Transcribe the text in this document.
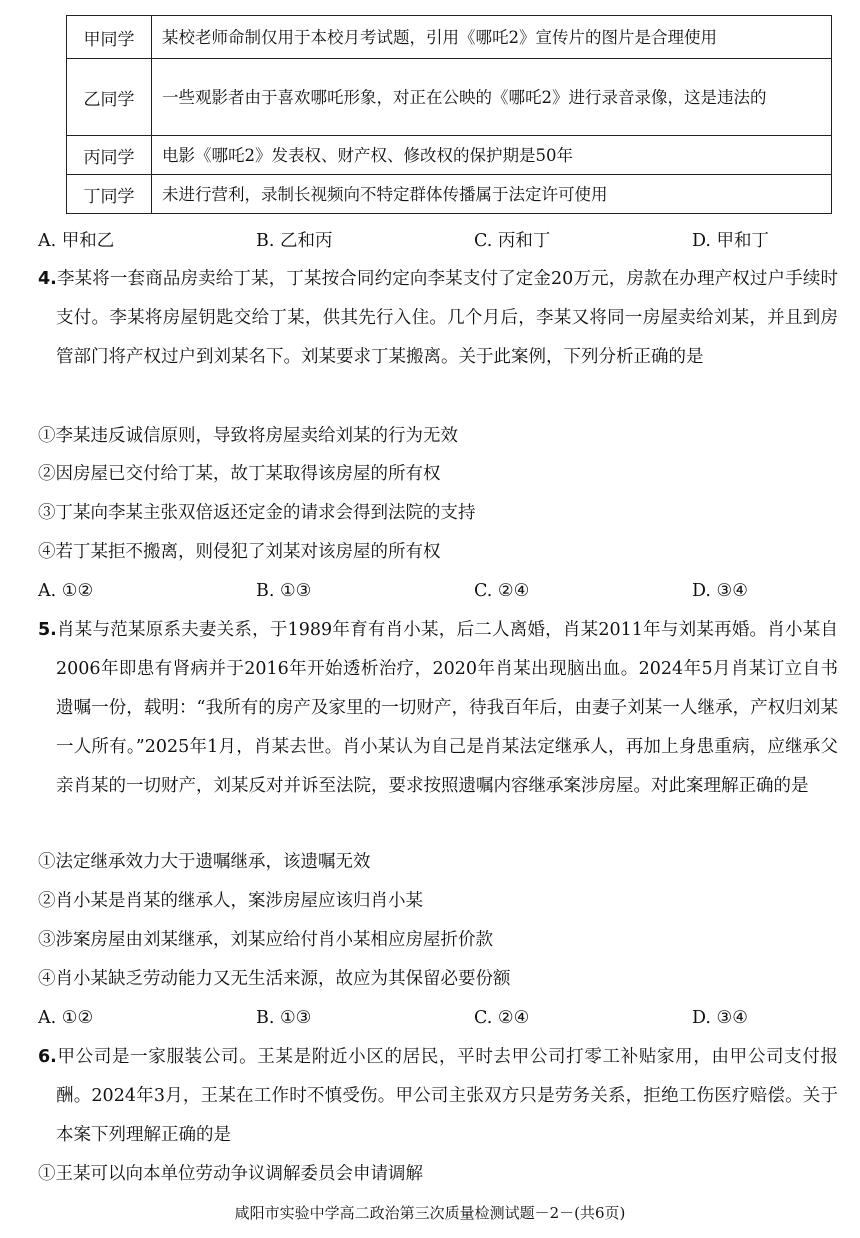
甲同学	某校老师命制仅用于本校月考试题，引用《哪吒2》宣传片的图片是合理使用
乙同学	一些观影者由于喜欢哪吒形象，对正在公映的《哪吒2》进行录音录像，这是违法的
丙同学	电影《哪吒2》发表权、财产权、修改权的保护期是50年
丁同学	未进行营利，录制长视频向不特定群体传播属于法定许可使用
A. 甲和乙	B. 乙和丙	C. 丙和丁	D. 甲和丁
4.李某将一套商品房卖给丁某，丁某按合同约定向李某支付了定金20万元，房款在办理产权过户手续时支付。李某将房屋钥匙交给丁某，供其先行入住。几个月后，李某又将同一房屋卖给刘某，并且到房管部门将产权过户到刘某名下。刘某要求丁某搬离。关于此案例，下列分析正确的是
①李某违反诚信原则，导致将房屋卖给刘某的行为无效
②因房屋已交付给丁某，故丁某取得该房屋的所有权
③丁某向李某主张双倍返还定金的请求会得到法院的支持
④若丁某拒不搬离，则侵犯了刘某对该房屋的所有权
A. ①②	B. ①③	C. ②④	D. ③④
5.肖某与范某原系夫妻关系，于1989年育有肖小某，后二人离婚，肖某2011年与刘某再婚。肖小某自2006年即患有肾病并于2016年开始透析治疗，2020年肖某出现脑出血。2024年5月肖某订立自书遗嘱一份，载明：“我所有的房产及家里的一切财产，待我百年后，由妻子刘某一人继承，产权归刘某一人所有。”2025年1月，肖某去世。肖小某认为自己是肖某法定继承人，再加上身患重病，应继承父亲肖某的一切财产，刘某反对并诉至法院，要求按照遗嘱内容继承案涉房屋。对此案理解正确的是
①法定继承效力大于遗嘱继承，该遗嘱无效
②肖小某是肖某的继承人，案涉房屋应该归肖小某
③涉案房屋由刘某继承，刘某应给付肖小某相应房屋折价款
④肖小某缺乏劳动能力又无生活来源，故应为其保留必要份额
A. ①②	B. ①③	C. ②④	D. ③④
6.甲公司是一家服装公司。王某是附近小区的居民，平时去甲公司打零工补贴家用，由甲公司支付报酬。2024年3月，王某在工作时不慎受伤。甲公司主张双方只是劳务关系，拒绝工伤医疗赔偿。关于本案下列理解正确的是
①王某可以向本单位劳动争议调解委员会申请调解
咸阳市实验中学高二政治第三次质量检测试题－2－(共6页)
